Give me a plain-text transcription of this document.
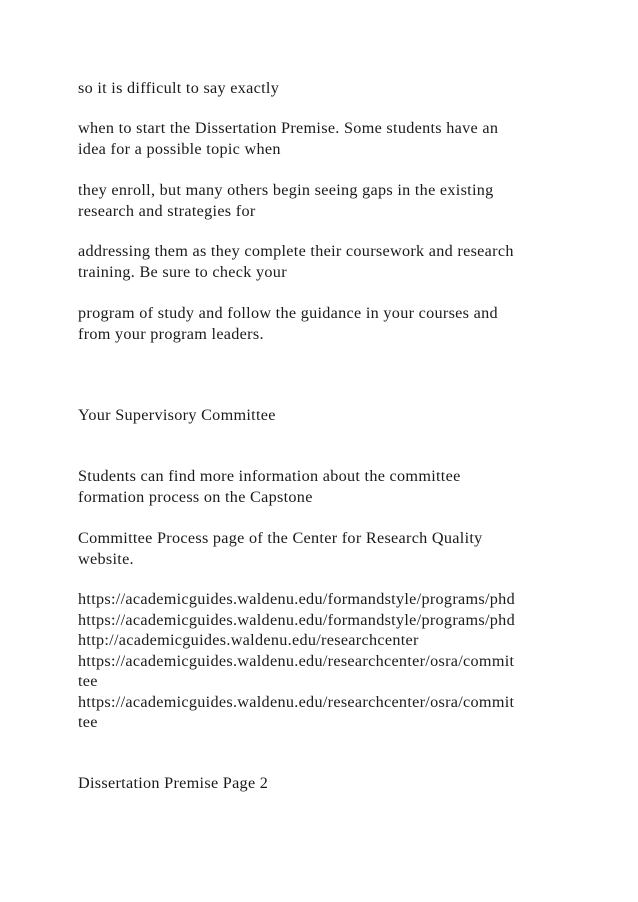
so it is difficult to say exactly

when to start the Dissertation Premise. Some students have an

idea for a possible topic when

they enroll, but many others begin seeing gaps in the existing

research and strategies for

addressing them as they complete their coursework and research

training. Be sure to check your

program of study and follow the guidance in your courses and

from your program leaders.

Your Supervisory Committee

Students can find more information about the committee

formation process on the Capstone

Committee Process page of the Center for Research Quality

website.

https://academicguides.waldenu.edu/formandstyle/programs/phd

https://academicguides.waldenu.edu/formandstyle/programs/phd

http://academicguides.waldenu.edu/researchcenter

https://academicguides.waldenu.edu/researchcenter/osra/commit

tee

https://academicguides.waldenu.edu/researchcenter/osra/commit

tee

Dissertation Premise Page 2
